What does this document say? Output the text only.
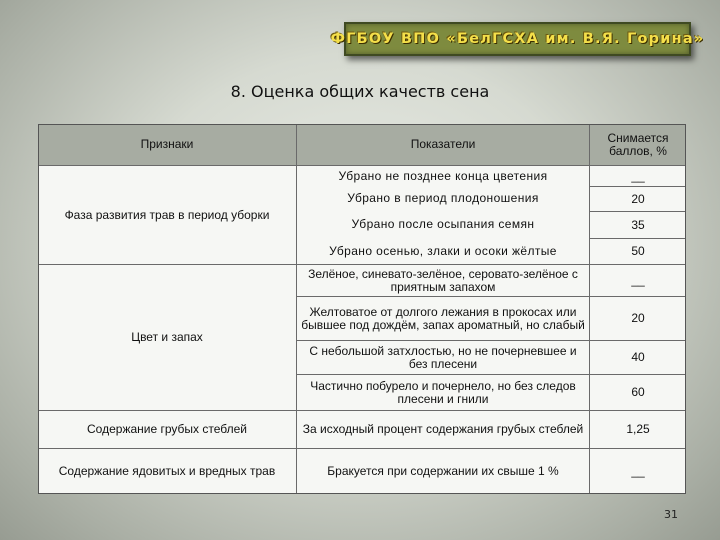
ФГБОУ ВПО «БелГСХА им. В.Я. Горина»
8. Оценка общих качеств сена
Признаки	Показатели	Снимается баллов, %
Фаза развития трав в период уборки
Убрано не позднее конца цветения	__
Убрано в период плодоношения	20
Убрано после осыпания семян	35
Убрано осенью, злаки и осоки жёлтые	50
Цвет и запах
Зелёное, синевато-зелёное, серовато-зелёное с приятным запахом	__
Желтоватое от долгого лежания в прокосах или бывшее под дождём, запах ароматный, но слабый	20
С небольшой затхлостью, но не почерневшее и без плесени	40
Частично побурело и почернело, но без следов плесени и гнили	60
Содержание грубых стеблей	За исходный процент содержания грубых стеблей	1,25
Содержание ядовитых и вредных трав	Бракуется при содержании их свыше 1 %	__
31
